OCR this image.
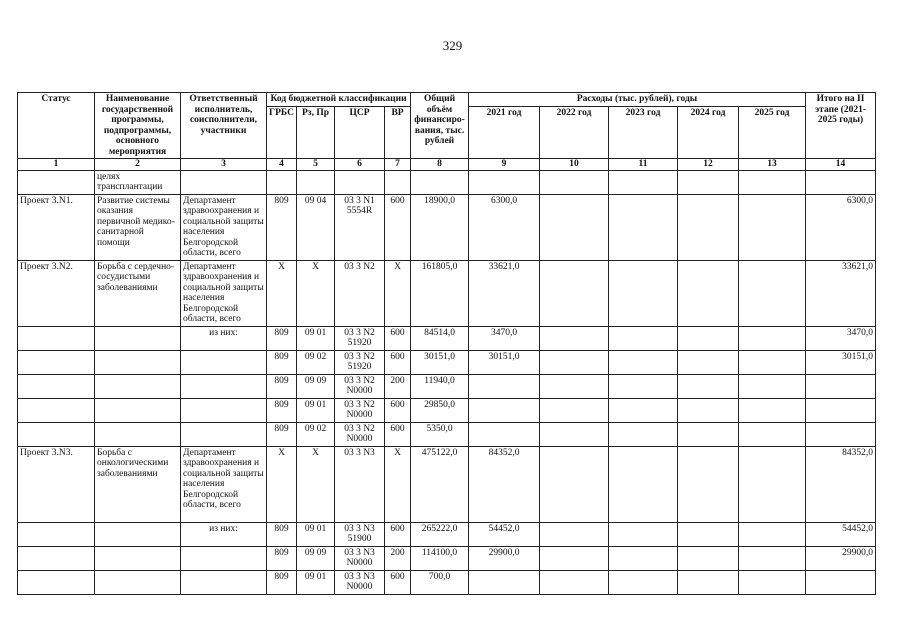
329
Статус	Наименование государственной программы, подпрограммы, основного мероприятия	Ответственный исполнитель, соисполнители, участники	Код бюджетной классификации				Общий объём финансиро-вания, тыс. рублей	Расходы (тыс. рублей), годы					Итого на II этапе (2021-2025 годы)
			ГРБС	Рз, Пр	ЦСР	ВР		2021 год	2022 год	2023 год	2024 год	2025 год	
1	2	3	4	5	6	7	8	9	10	11	12	13	14
	целях трансплантации												
Проект 3.N1.	Развитие системы оказания первичной медико-санитарной помощи	Департамент здравоохранения и социальной защиты населения Белгородской области, всего	809	09 04	03 3 N1 5554R	600	18900,0	6300,0					6300,0
Проект 3.N2.	Борьба с сердечно-сосудистыми заболеваниями	Департамент здравоохранения и социальной защиты населения Белгородской области, всего	Х	Х	03 3 N2	Х	161805,0	33621,0					33621,0
		из них:	809	09 01	03 3 N2 51920	600	84514,0	3470,0					3470,0
			809	09 02	03 3 N2 51920	600	30151,0	30151,0					30151,0
			809	09 09	03 3 N2 N0000	200	11940,0						
			809	09 01	03 3 N2 N0000	600	29850,0						
			809	09 02	03 3 N2 N0000	600	5350,0						
Проект 3.N3.	Борьба с онкологическими заболеваниями	Департамент здравоохранения и социальной защиты населения Белгородской области, всего	Х	Х	03 3 N3	Х	475122,0	84352,0					84352,0
		из них:	809	09 01	03 3 N3 51900	600	265222,0	54452,0					54452,0
			809	09 09	03 3 N3 N0000	200	114100,0	29900,0					29900,0
			809	09 01	03 3 N3 N0000	600	700,0						
